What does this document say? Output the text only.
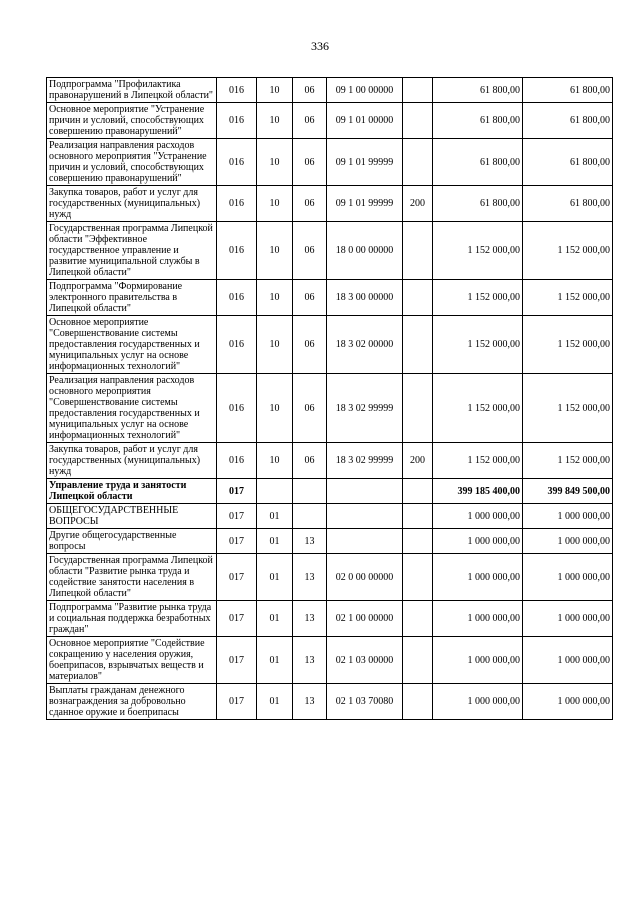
336
Подпрограмма "Профилактика правонарушений в Липецкой области"	016	10	06	09 1 00 00000		61 800,00	61 800,00
Основное мероприятие "Устранение причин и условий, способствующих совершению правонарушений"	016	10	06	09 1 01 00000		61 800,00	61 800,00
Реализация направления расходов основного мероприятия "Устранение причин и условий, способствующих совершению правонарушений"	016	10	06	09 1 01 99999		61 800,00	61 800,00
Закупка товаров, работ и услуг для государственных (муниципальных) нужд	016	10	06	09 1 01 99999	200	61 800,00	61 800,00
Государственная программа Липецкой области "Эффективное государственное управление и развитие муниципальной службы в Липецкой области"	016	10	06	18 0 00 00000		1 152 000,00	1 152 000,00
Подпрограмма "Формирование электронного правительства в Липецкой области"	016	10	06	18 3 00 00000		1 152 000,00	1 152 000,00
Основное мероприятие "Совершенствование системы предоставления государственных и муниципальных услуг на основе информационных технологий"	016	10	06	18 3 02 00000		1 152 000,00	1 152 000,00
Реализация направления расходов основного мероприятия "Совершенствование системы предоставления государственных и муниципальных услуг на основе информационных технологий"	016	10	06	18 3 02 99999		1 152 000,00	1 152 000,00
Закупка товаров, работ и услуг для государственных (муниципальных) нужд	016	10	06	18 3 02 99999	200	1 152 000,00	1 152 000,00
Управление труда и занятости Липецкой области	017					399 185 400,00	399 849 500,00
ОБЩЕГОСУДАРСТВЕННЫЕ ВОПРОСЫ	017	01				1 000 000,00	1 000 000,00
Другие общегосударственные вопросы	017	01	13			1 000 000,00	1 000 000,00
Государственная программа Липецкой области "Развитие рынка труда и содействие занятости населения в Липецкой области"	017	01	13	02 0 00 00000		1 000 000,00	1 000 000,00
Подпрограмма "Развитие рынка труда и социальная поддержка безработных граждан"	017	01	13	02 1 00 00000		1 000 000,00	1 000 000,00
Основное мероприятие "Содействие сокращению у населения оружия, боеприпасов, взрывчатых веществ и материалов"	017	01	13	02 1 03 00000		1 000 000,00	1 000 000,00
Выплаты гражданам денежного вознаграждения за добровольно сданное оружие и боеприпасы	017	01	13	02 1 03 70080		1 000 000,00	1 000 000,00
